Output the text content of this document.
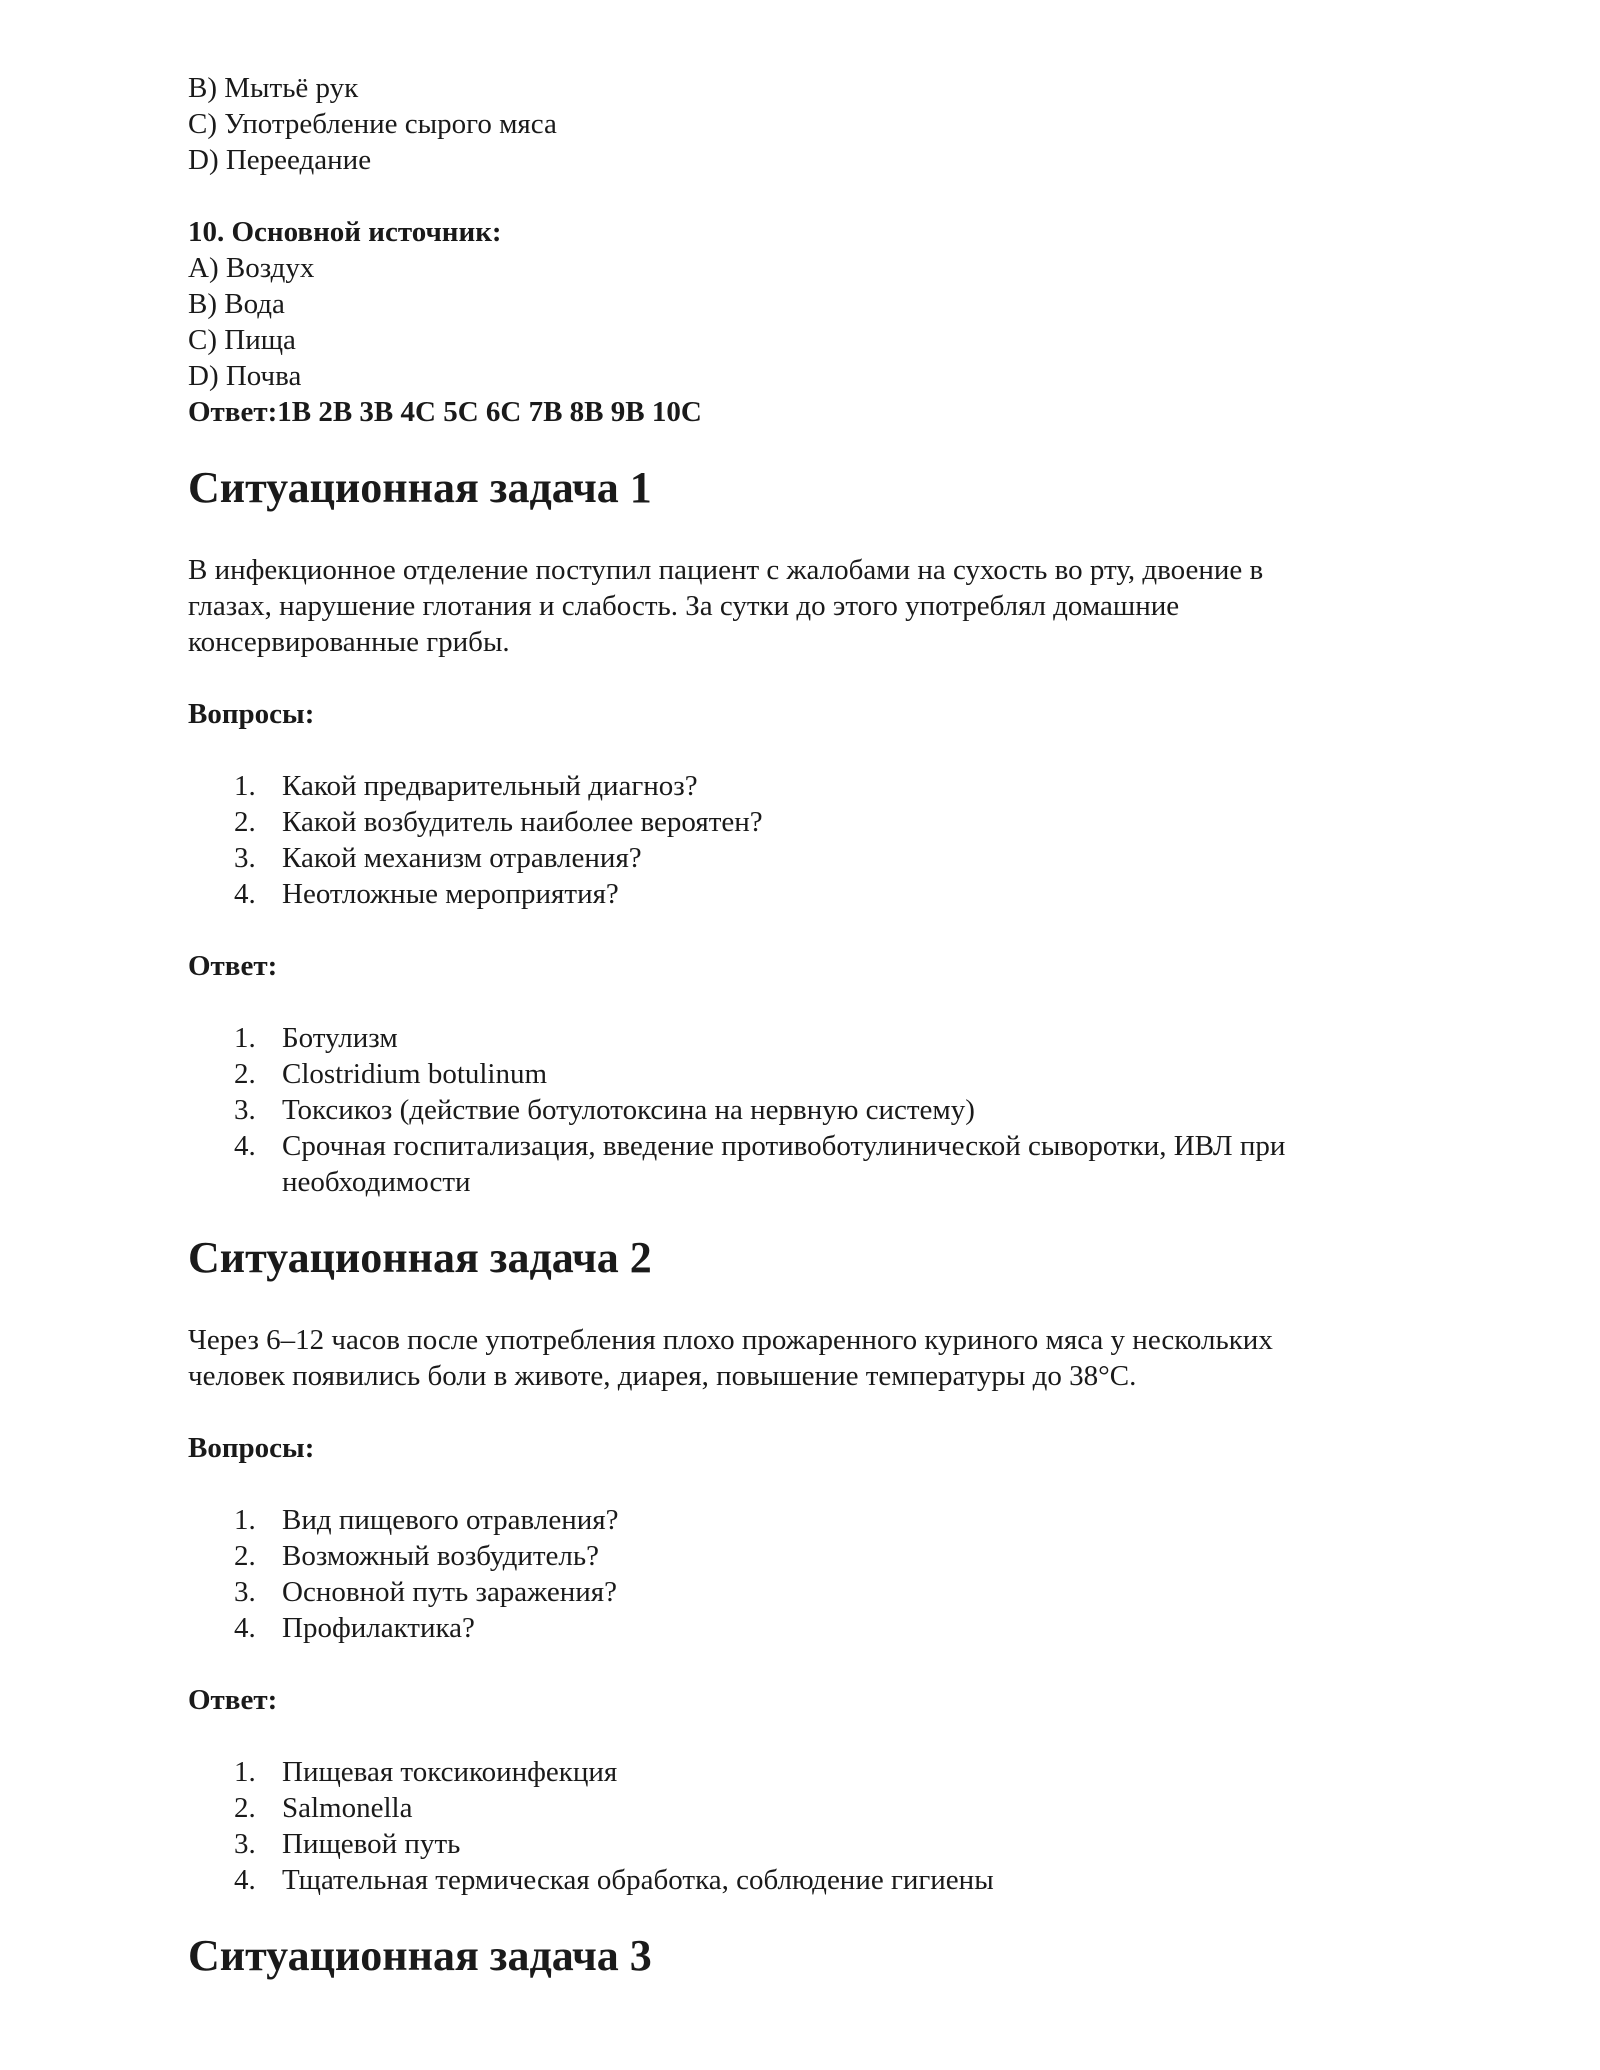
B) Мытьё рук
C) Употребление сырого мяса
D) Переедание
10. Основной источник:
A) Воздух
B) Вода
C) Пища
D) Почва
Ответ:1B 2B 3B 4C 5C 6C 7B 8B 9B 10C
Ситуационная задача 1
В инфекционное отделение поступил пациент с жалобами на сухость во рту, двоение в
глазах, нарушение глотания и слабость. За сутки до этого употреблял домашние
консервированные грибы.
Вопросы:
1. Какой предварительный диагноз?
2. Какой возбудитель наиболее вероятен?
3. Какой механизм отравления?
4. Неотложные мероприятия?
Ответ:
1. Ботулизм
2. Clostridium botulinum
3. Токсикоз (действие ботулотоксина на нервную систему)
4. Срочная госпитализация, введение противоботулинической сыворотки, ИВЛ при
необходимости
Ситуационная задача 2
Через 6–12 часов после употребления плохо прожаренного куриного мяса у нескольких
человек появились боли в животе, диарея, повышение температуры до 38°C.
Вопросы:
1. Вид пищевого отравления?
2. Возможный возбудитель?
3. Основной путь заражения?
4. Профилактика?
Ответ:
1. Пищевая токсикоинфекция
2. Salmonella
3. Пищевой путь
4. Тщательная термическая обработка, соблюдение гигиены
Ситуационная задача 3
